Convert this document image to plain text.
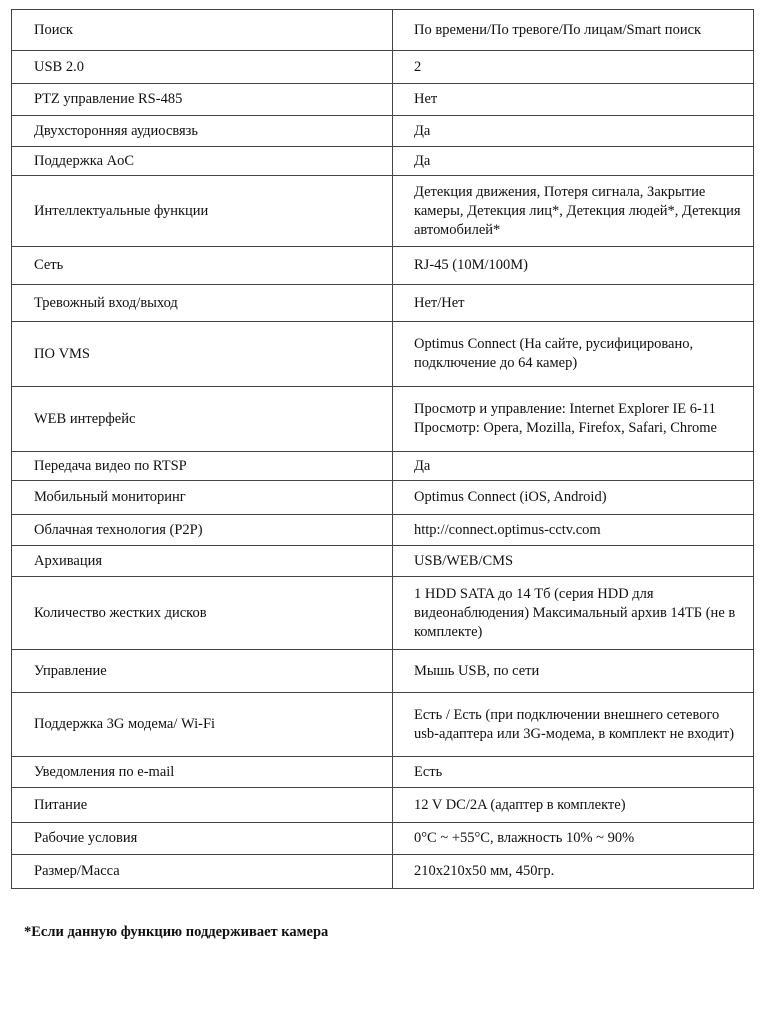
Поиск	По времени/По тревоге/По лицам/Smart поиск
USB 2.0	2
PTZ управление RS-485	Нет
Двухсторонняя аудиосвязь	Да
Поддержка AoC	Да
Интеллектуальные функции	Детекция движения, Потеря сигнала, Закрытие камеры, Детекция лиц*, Детекция людей*, Детекция автомобилей*
Сеть	RJ-45 (10M/100M)
Тревожный вход/выход	Нет/Нет
ПО VMS	Optimus Connect (На сайте, русифицировано, подключение до 64 камер)
WEB интерфейс	Просмотр и управление: Internet Explorer IE 6-11 Просмотр: Opera, Mozilla, Firefox, Safari, Chrome
Передача видео по RTSP	Да
Мобильный мониторинг	Optimus Connect (iOS, Android)
Облачная технология (P2P)	http://connect.optimus-cctv.com
Архивация	USB/WEB/CMS
Количество жестких дисков	1 HDD SATA до 14 Тб (серия HDD для видеонаблюдения) Максимальный архив 14ТБ (не в комплекте)
Управление	Мышь USB, по сети
Поддержка 3G модема/ Wi-Fi	Есть / Есть (при подключении внешнего сетевого usb-адаптера или 3G-модема, в комплект не входит)
Уведомления по e-mail	Есть
Питание	12 V DC/2A (адаптер в комплекте)
Рабочие условия	0°C ~ +55°C, влажность 10% ~ 90%
Размер/Масса	210x210x50 мм, 450гр.
*Если данную функцию поддерживает камера
